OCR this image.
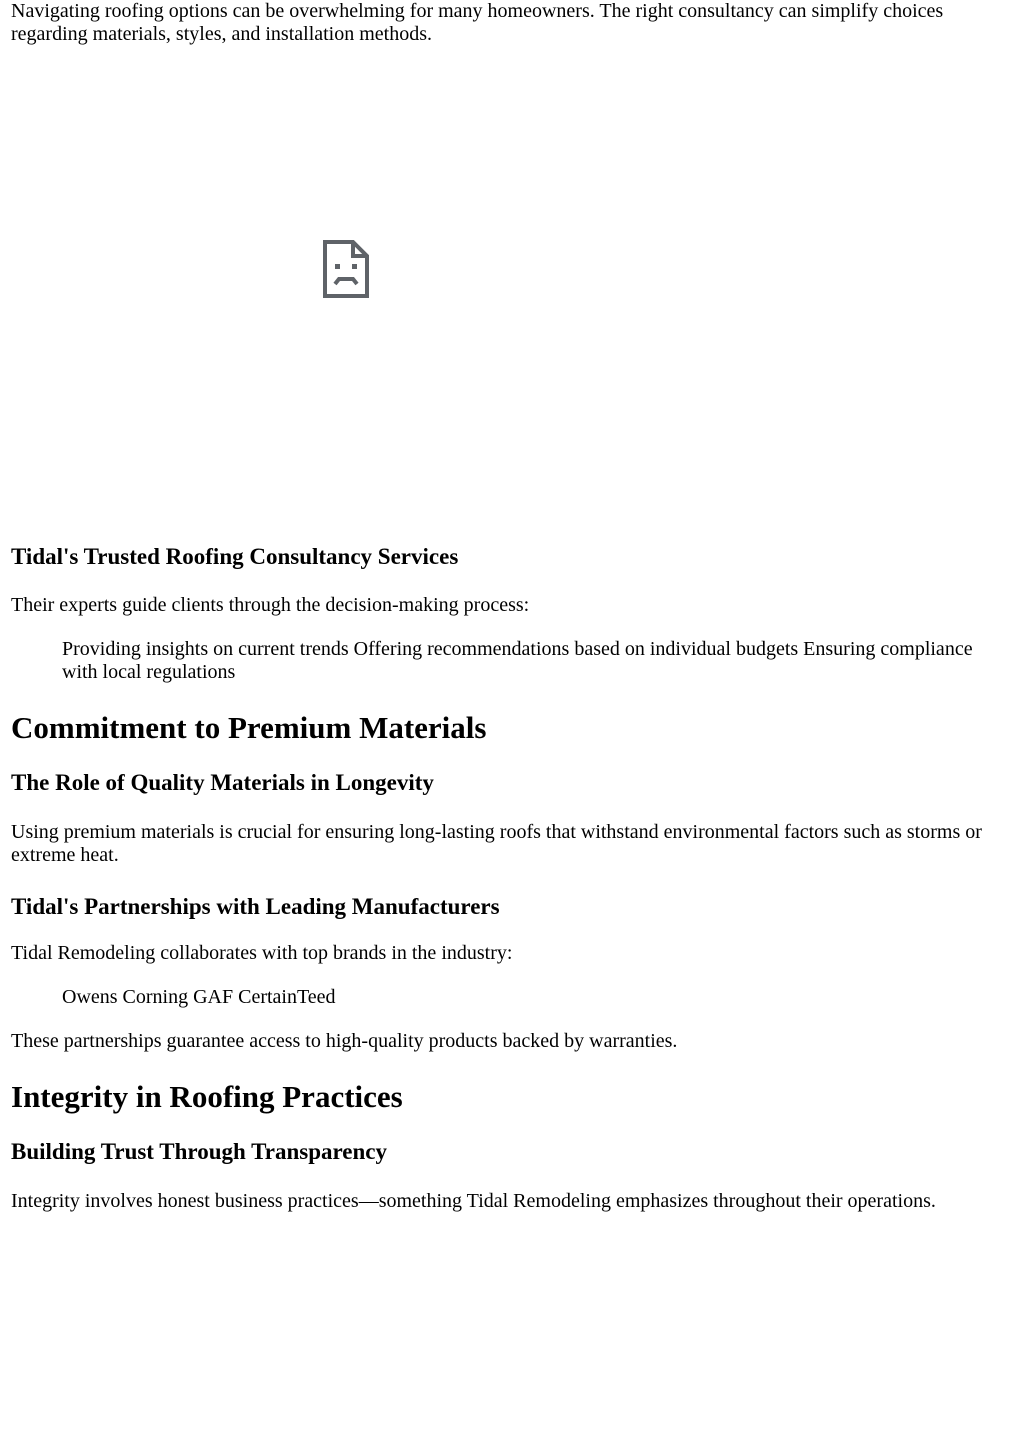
Navigating roofing options can be overwhelming for many homeowners. The right consultancy can simplify choices regarding materials, styles, and installation methods.

Tidal's Trusted Roofing Consultancy Services

Their experts guide clients through the decision-making process:

Providing insights on current trends Offering recommendations based on individual budgets Ensuring compliance with local regulations

Commitment to Premium Materials
The Role of Quality Materials in Longevity

Using premium materials is crucial for ensuring long-lasting roofs that withstand environmental factors such as storms or extreme heat.

Tidal's Partnerships with Leading Manufacturers

Tidal Remodeling collaborates with top brands in the industry:

Owens Corning GAF CertainTeed

These partnerships guarantee access to high-quality products backed by warranties.

Integrity in Roofing Practices
Building Trust Through Transparency

Integrity involves honest business practices—something Tidal Remodeling emphasizes throughout their operations.
